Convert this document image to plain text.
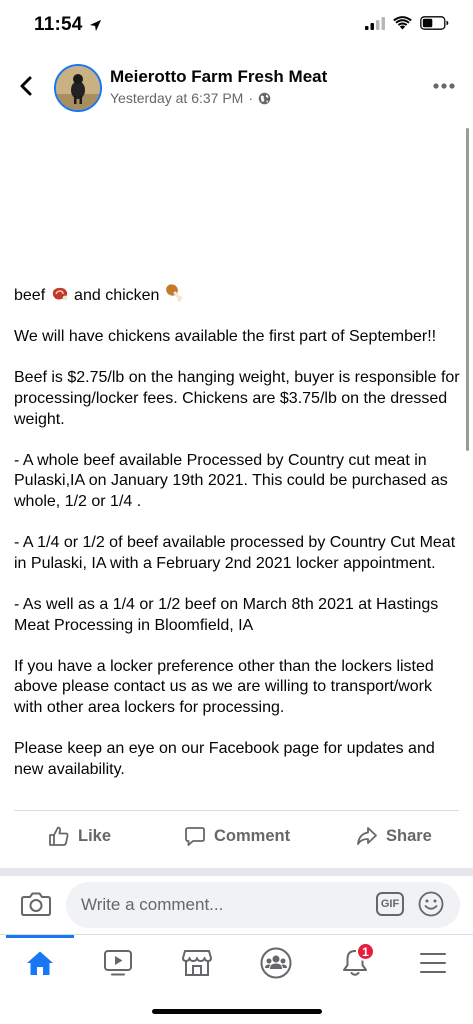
11:54
Meierotto Farm Fresh Meat
Yesterday at 6:37 PM ·

beef and chicken

We will have chickens available the first part of September!!

Beef is $2.75/lb on the hanging weight, buyer is responsible for processing/locker fees. Chickens are $3.75/lb on the dressed weight.

- A whole beef available Processed by Country cut meat in Pulaski,IA on January 19th 2021. This could be purchased as whole, 1/2 or 1/4 .

- A 1/4 or 1/2 of beef available processed by Country Cut Meat in Pulaski, IA with a February 2nd 2021 locker appointment.

- As well as a 1/4 or 1/2 beef on March 8th 2021 at Hastings Meat Processing in Bloomfield, IA

If you have a locker preference other than the lockers listed above please contact us as we are willing to transport/work with other area lockers for processing.

Please keep an eye on our Facebook page for updates and new availability.

Like	Comment	Share
Write a comment...
GIF
1
